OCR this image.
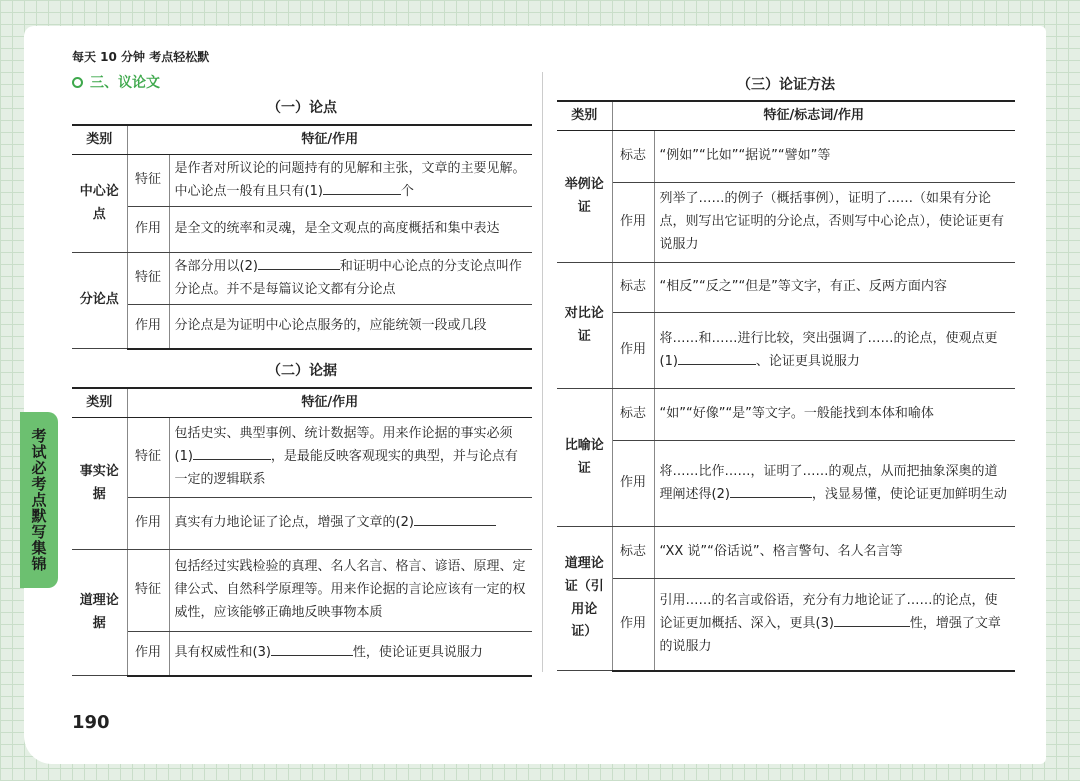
每天 10 分钟 考点轻松默
三、议论文
考试必考点默写集锦
（一）论点
类别	特征/作用	
中心论点	特征	是作者对所议论的问题持有的见解和主张，文章的主要见解。中心论点一般有且只有(1) 个
	作用	是全文的统率和灵魂，是全文观点的高度概括和集中表达
分论点	特征	各部分用以(2) 和证明中心论点的分支论点叫作分论点。并不是每篇议论文都有分论点
	作用	分论点是为证明中心论点服务的，应能统领一段或几段
（二）论据
类别	特征/作用	
事实论据	特征	包括史实、典型事例、统计数据等。用来作论据的事实必须(1) ，是最能反映客观现实的典型，并与论点有一定的逻辑联系
	作用	真实有力地论证了论点，增强了文章的(2)
道理论据	特征	包括经过实践检验的真理、名人名言、格言、谚语、原理、定律公式、自然科学原理等。用来作论据的言论应该有一定的权威性，应该能够正确地反映事物本质
	作用	具有权威性和(3) 性，使论证更具说服力
（三）论证方法
类别	特征/标志词/作用	
举例论证	标志	“例如”“比如”“据说”“譬如”等
	作用	列举了……的例子（概括事例），证明了……（如果有分论点，则写出它证明的分论点，否则写中心论点），使论证更有说服力
对比论证	标志	“相反”“反之”“但是”等文字，有正、反两方面内容
	作用	将……和……进行比较，突出强调了……的论点，使观点更(1) 、论证更具说服力
比喻论证	标志	“如”“好像”“是”等文字。一般能找到本体和喻体
	作用	将……比作……，证明了……的观点，从而把抽象深奥的道理阐述得(2) ，浅显易懂，使论证更加鲜明生动
道理论证（引用论证）	标志	“XX 说”“俗话说”、格言警句、名人名言等
	作用	引用……的名言或俗语，充分有力地论证了……的论点，使论证更加概括、深入，更具(3) 性，增强了文章的说服力
190
